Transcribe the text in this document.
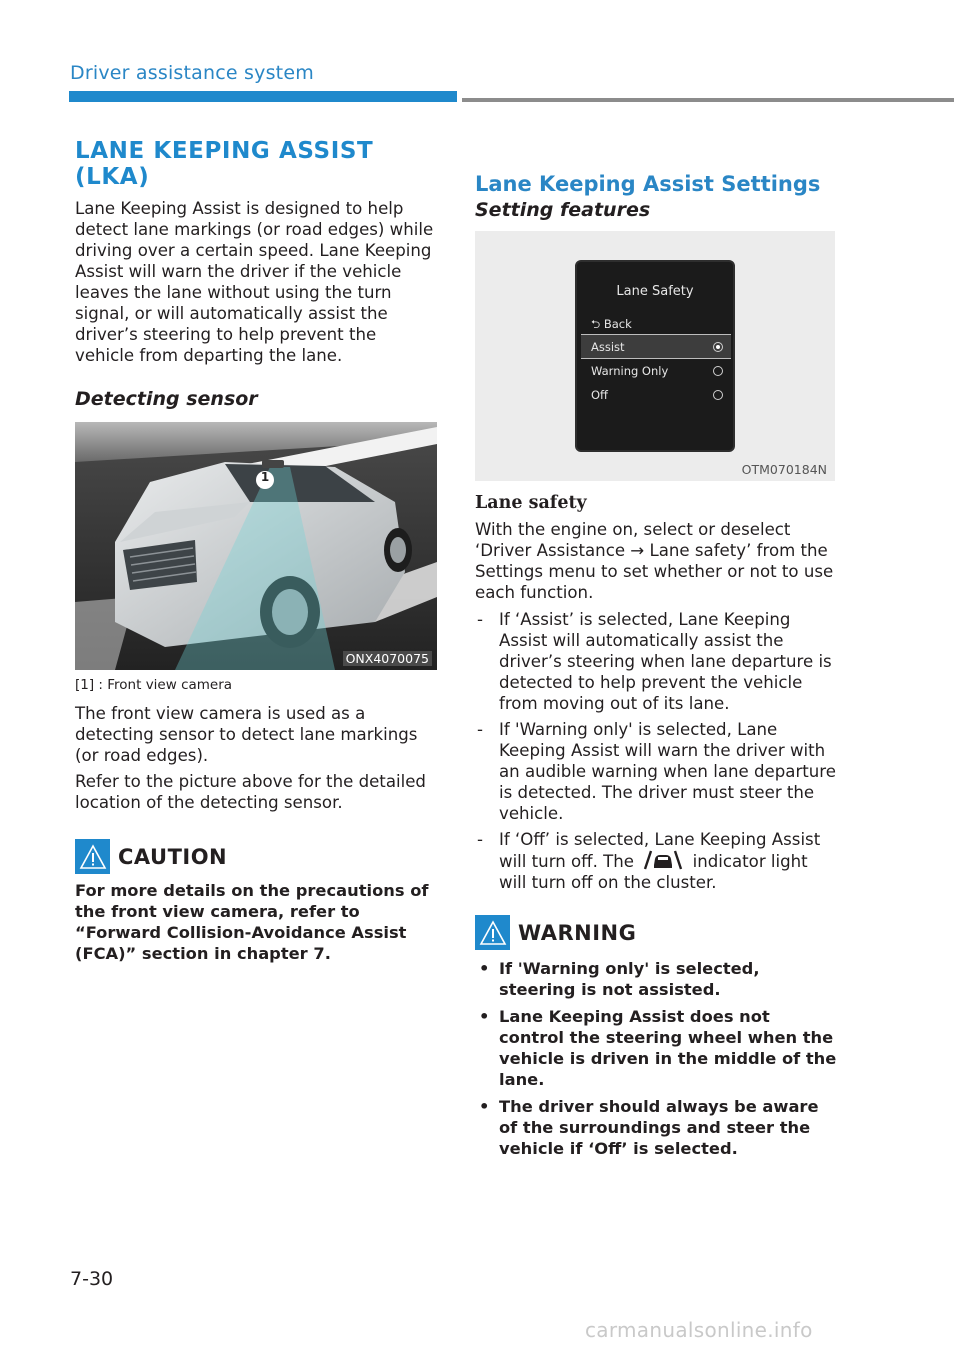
Driver assistance system
LANE KEEPING ASSIST (LKA)

Lane Keeping Assist is designed to help detect lane markings (or road edges) while driving over a certain speed. Lane Keeping Assist will warn the driver if the vehicle leaves the lane without using the turn signal, or will automatically assist the driver’s steering to help prevent the vehicle from departing the lane.

Detecting sensor
1
ONX4070075

[1] : Front view camera

The front view camera is used as a detecting sensor to detect lane markings (or road edges).

Refer to the picture above for the detailed location of the detecting sensor.

CAUTION

For more details on the precautions of the front view camera, refer to “Forward Collision-Avoidance Assist (FCA)” section in chapter 7.

Lane Keeping Assist Settings
Setting features
Lane Safety
⮌ Back
Assist
Warning Only
Off
OTM070184N
Lane safety

With the engine on, select or deselect ‘Driver Assistance → Lane safety’ from the Settings menu to set whether or not to use each function.

- If ‘Assist’ is selected, Lane Keeping Assist will automatically assist the driver’s steering when lane departure is detected to help prevent the vehicle from moving out of its lane.
- If 'Warning only' is selected, Lane Keeping Assist will warn the driver with an audible warning when lane departure is detected. The driver must steer the vehicle.
- If ‘Off’ is selected, Lane Keeping Assist will turn off. The	indicator light will turn off on the cluster.
WARNING
• If 'Warning only' is selected, steering is not assisted.
• Lane Keeping Assist does not control the steering wheel when the vehicle is driven in the middle of the lane.
• The driver should always be aware of the surroundings and steer the vehicle if ‘Off’ is selected.
7-30
carmanualsonline.info
